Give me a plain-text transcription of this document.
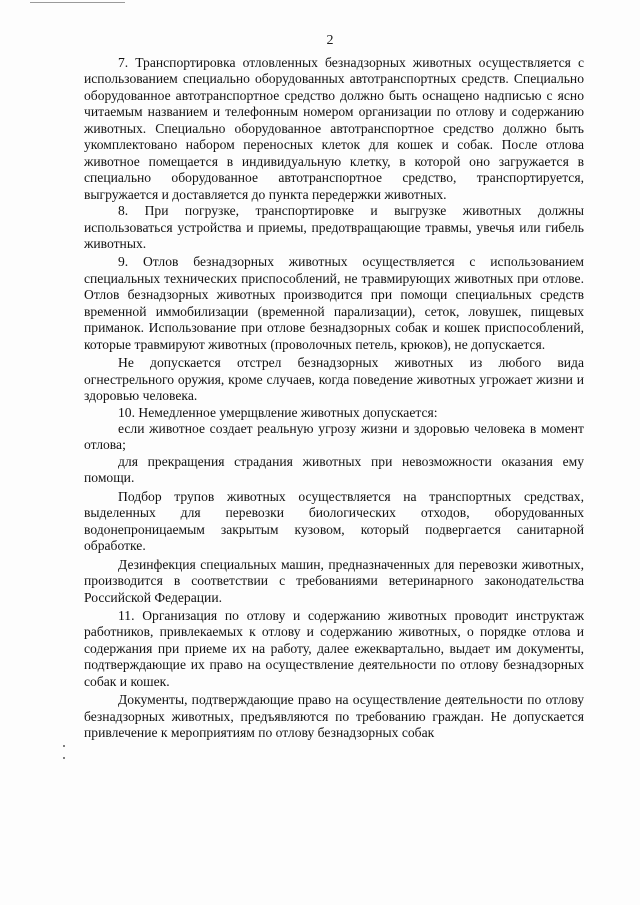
2

7. Транспортировка отловленных безнадзорных животных осуществляется с использованием специально оборудованных автотранспортных средств. Специально оборудованное автотранспортное средство должно быть оснащено надписью с ясно читаемым названием и телефонным номером организации по отлову и содержанию животных. Специально оборудованное автотранспортное средство должно быть укомплектовано набором переносных клеток для кошек и собак. После отлова животное помещается в индивидуальную клетку, в которой оно загружается в специально оборудованное автотранспортное средство, транспортируется, выгружается и доставляется до пункта передержки животных.

8. При погрузке, транспортировке и выгрузке животных должны использоваться устройства и приемы, предотвращающие травмы, увечья или гибель животных.

9. Отлов безнадзорных животных осуществляется с использованием специальных технических приспособлений, не травмирующих животных при отлове. Отлов безнадзорных животных производится при помощи специальных средств временной иммобилизации (временной парализации), сеток, ловушек, пищевых приманок. Использование при отлове безнадзорных собак и кошек приспособлений, которые травмируют животных (проволочных петель, крюков), не допускается.

Не допускается отстрел безнадзорных животных из любого вида огнестрельного оружия, кроме случаев, когда поведение животных угрожает жизни и здоровью человека.

10. Немедленное умерщвление животных допускается:

если животное создает реальную угрозу жизни и здоровью человека в момент отлова;

для прекращения страдания животных при невозможности оказания ему помощи.

Подбор трупов животных осуществляется на транспортных средствах, выделенных для перевозки биологических отходов, оборудованных водонепроницаемым закрытым кузовом, который подвергается санитарной обработке.

Дезинфекция специальных машин, предназначенных для перевозки животных, производится в соответствии с требованиями ветеринарного законодательства Российской Федерации.

11. Организация по отлову и содержанию животных проводит инструктаж работников, привлекаемых к отлову и содержанию животных, о порядке отлова и содержания при приеме их на работу, далее ежеквартально, выдает им документы, подтверждающие их право на осуществление деятельности по отлову безнадзорных собак и кошек.

Документы, подтверждающие право на осуществление деятельности по отлову безнадзорных животных, предъявляются по требованию граждан. Не допускается привлечение к мероприятиям по отлову безнадзорных собак
